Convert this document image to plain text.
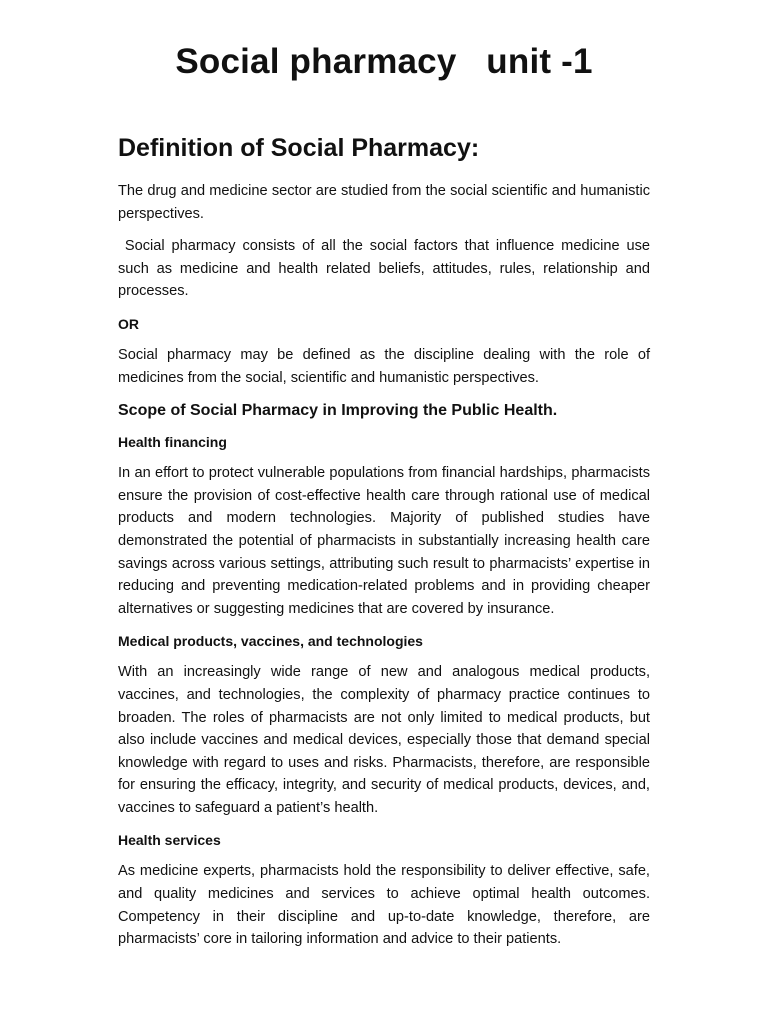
Social pharmacy   unit -1
Definition of Social Pharmacy:

The drug and medicine sector are studied from the social scientific and humanistic perspectives.

Social pharmacy consists of all the social factors that influence medicine use such as medicine and health related beliefs, attitudes, rules, relationship and processes.

OR

Social pharmacy may be defined as the discipline dealing with the role of medicines from the social, scientific and humanistic perspectives.

Scope of Social Pharmacy in Improving the Public Health.
Health financing

In an effort to protect vulnerable populations from financial hardships, pharmacists ensure the provision of cost-effective health care through rational use of medical products and modern technologies. Majority of published studies have demonstrated the potential of pharmacists in substantially increasing health care savings across various settings, attributing such result to pharmacists’ expertise in reducing and preventing medication-related problems and in providing cheaper alternatives or suggesting medicines that are covered by insurance.

Medical products, vaccines, and technologies

With an increasingly wide range of new and analogous medical products, vaccines, and technologies, the complexity of pharmacy practice continues to broaden. The roles of pharmacists are not only limited to medical products, but also include vaccines and medical devices, especially those that demand special knowledge with regard to uses and risks. Pharmacists, therefore, are responsible for ensuring the efficacy, integrity, and security of medical products, devices, and, vaccines to safeguard a patient’s health.

Health services

As medicine experts, pharmacists hold the responsibility to deliver effective, safe, and quality medicines and services to achieve optimal health outcomes. Competency in their discipline and up-to-date knowledge, therefore, are pharmacists’ core in tailoring information and advice to their patients.
